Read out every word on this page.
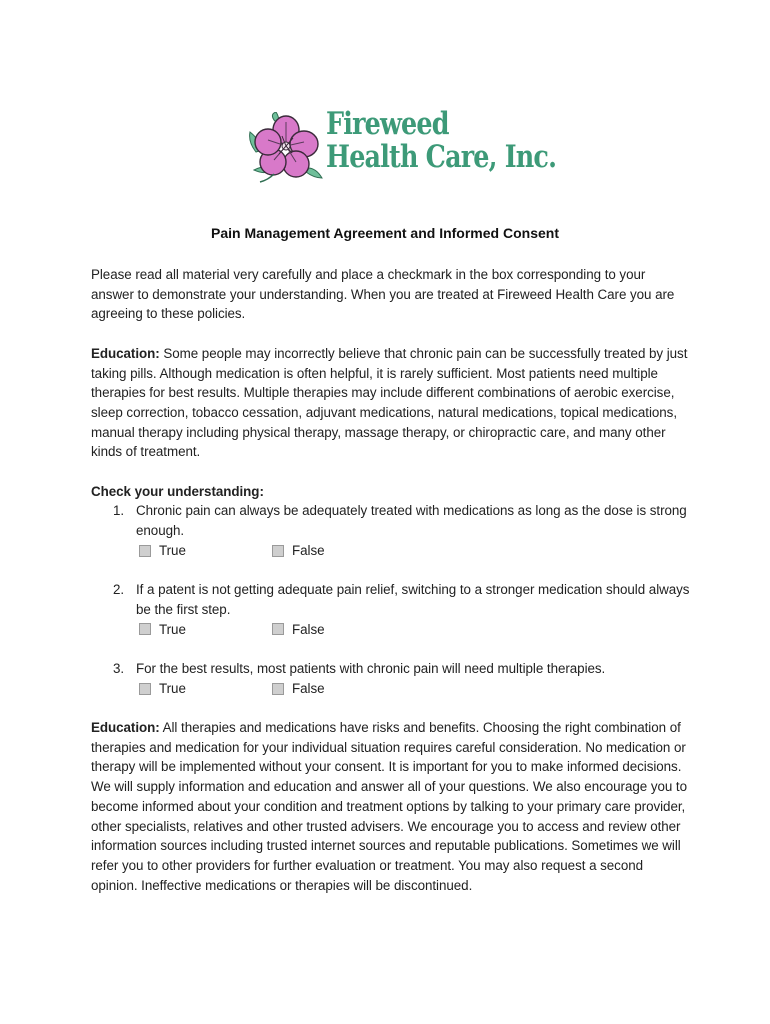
Fireweed
Health Care, Inc.
Pain Management Agreement and Informed Consent

Please read all material very carefully and place a checkmark in the box corresponding to your answer to demonstrate your understanding. When you are treated at Fireweed Health Care you are agreeing to these policies.

Education: Some people may incorrectly believe that chronic pain can be successfully treated by just taking pills. Although medication is often helpful, it is rarely sufficient. Most patients need multiple therapies for best results. Multiple therapies may include different combinations of aerobic exercise, sleep correction, tobacco cessation, adjuvant medications, natural medications, topical medications, manual therapy including physical therapy, massage therapy, or chiropractic care, and many other kinds of treatment.

Check your understanding:
1. Chronic pain can always be adequately treated with medications as long as the dose is strong enough.
True	False
2. If a patent is not getting adequate pain relief, switching to a stronger medication should always be the first step.
True	False
3. For the best results, most patients with chronic pain will need multiple therapies.
True	False

Education: All therapies and medications have risks and benefits. Choosing the right combination of therapies and medication for your individual situation requires careful consideration. No medication or therapy will be implemented without your consent. It is important for you to make informed decisions. We will supply information and education and answer all of your questions. We also encourage you to become informed about your condition and treatment options by talking to your primary care provider, other specialists, relatives and other trusted advisers. We encourage you to access and review other information sources including trusted internet sources and reputable publications. Sometimes we will refer you to other providers for further evaluation or treatment. You may also request a second opinion. Ineffective medications or therapies will be discontinued.
